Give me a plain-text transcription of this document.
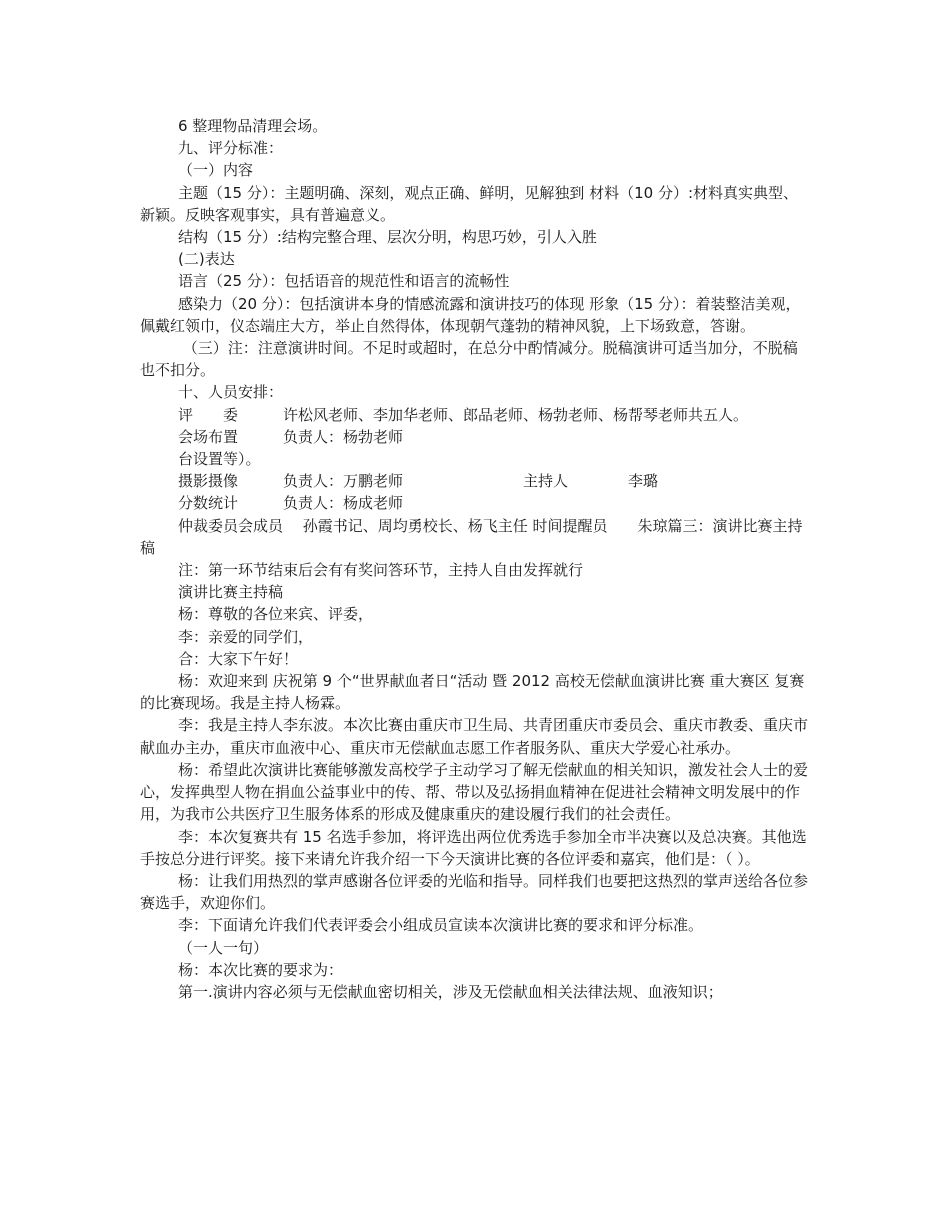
6 整理物品清理会场。

九、评分标准：

（一）内容

主题（15 分）：主题明确、深刻，观点正确、鲜明，见解独到 材料（10 分）:材料真实典型、新颖。反映客观事实，具有普遍意义。

结构（15 分）:结构完整合理、层次分明，构思巧妙，引人入胜

(二)表达

语言（25 分）：包括语音的规范性和语言的流畅性

感染力（20 分）：包括演讲本身的情感流露和演讲技巧的体现 形象（15 分）：着装整洁美观，佩戴红领巾，仪态端庄大方，举止自然得体，体现朝气蓬勃的精神风貌，上下场致意，答谢。

（三）注：注意演讲时间。不足时或超时，在总分中酌情减分。脱稿演讲可适当加分，不脱稿也不扣分。

十、人员安排：

评　　委　　　许松风老师、李加华老师、郎品老师、杨勃老师、杨帮琴老师共五人。

会场布置　　　负责人：杨勃老师

台设置等）。

摄影摄像　　　负责人：万鹏老师　　　　　　　　主持人　　　　李璐

分数统计　　　负责人：杨成老师

仲裁委员会成员　 孙霞书记、周均勇校长、杨飞主任 时间提醒员　　朱琼篇三：演讲比赛主持稿

注：第一环节结束后会有有奖问答环节，主持人自由发挥就行

演讲比赛主持稿

杨：尊敬的各位来宾、评委，

李：亲爱的同学们，

合：大家下午好！

杨：欢迎来到 庆祝第 9 个“世界献血者日“活动 暨 2012 高校无偿献血演讲比赛 重大赛区 复赛的比赛现场。我是主持人杨霖。

李：我是主持人李东波。本次比赛由重庆市卫生局、共青团重庆市委员会、重庆市教委、重庆市献血办主办，重庆市血液中心、重庆市无偿献血志愿工作者服务队、重庆大学爱心社承办。

杨：希望此次演讲比赛能够激发高校学子主动学习了解无偿献血的相关知识，激发社会人士的爱心，发挥典型人物在捐血公益事业中的传、帮、带以及弘扬捐血精神在促进社会精神文明发展中的作用，为我市公共医疗卫生服务体系的形成及健康重庆的建设履行我们的社会责任。

李：本次复赛共有 15 名选手参加，将评选出两位优秀选手参加全市半决赛以及总决赛。其他选手按总分进行评奖。接下来请允许我介绍一下今天演讲比赛的各位评委和嘉宾，他们是：（ ）。

杨：让我们用热烈的掌声感谢各位评委的光临和指导。同样我们也要把这热烈的掌声送给各位参赛选手，欢迎你们。

李：下面请允许我们代表评委会小组成员宣读本次演讲比赛的要求和评分标准。

（一人一句）

杨：本次比赛的要求为：

第一.演讲内容必须与无偿献血密切相关，涉及无偿献血相关法律法规、血液知识；
